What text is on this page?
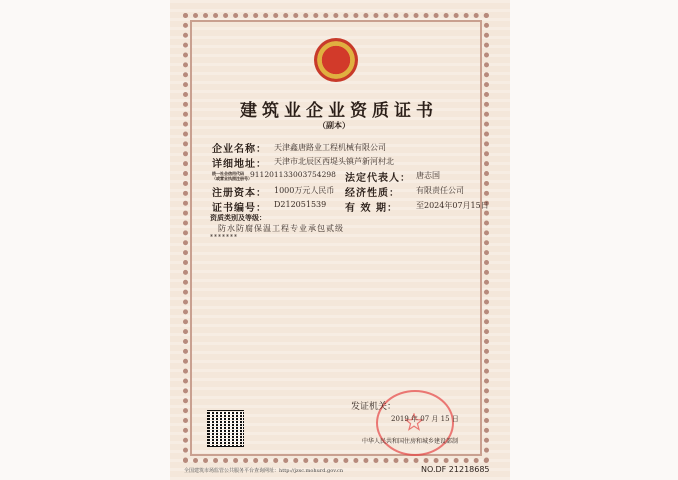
建筑业企业资质证书
（副本）
企业名称： 天津鑫唐路业工程机械有限公司
详细地址： 天津市北辰区西堤头镇芦新河村北
统一社会信用代码
（或营业执照注册号）
911201133003754298 法定代表人： 唐志国
注册资本： 1000万元人民币 经济性质： 有限责任公司
证书编号： D212051539 有 效 期： 至2024年07月15日
资质类别及等级：
防水防腐保温工程专业承包贰级
*******
发证机关：
2019 年 07 月 15 日
中华人民共和国住房和城乡建设部制
全国建筑市场监管公共服务平台查询网址：http://jzsc.mohurd.gov.cn	NO.DF 21218685
